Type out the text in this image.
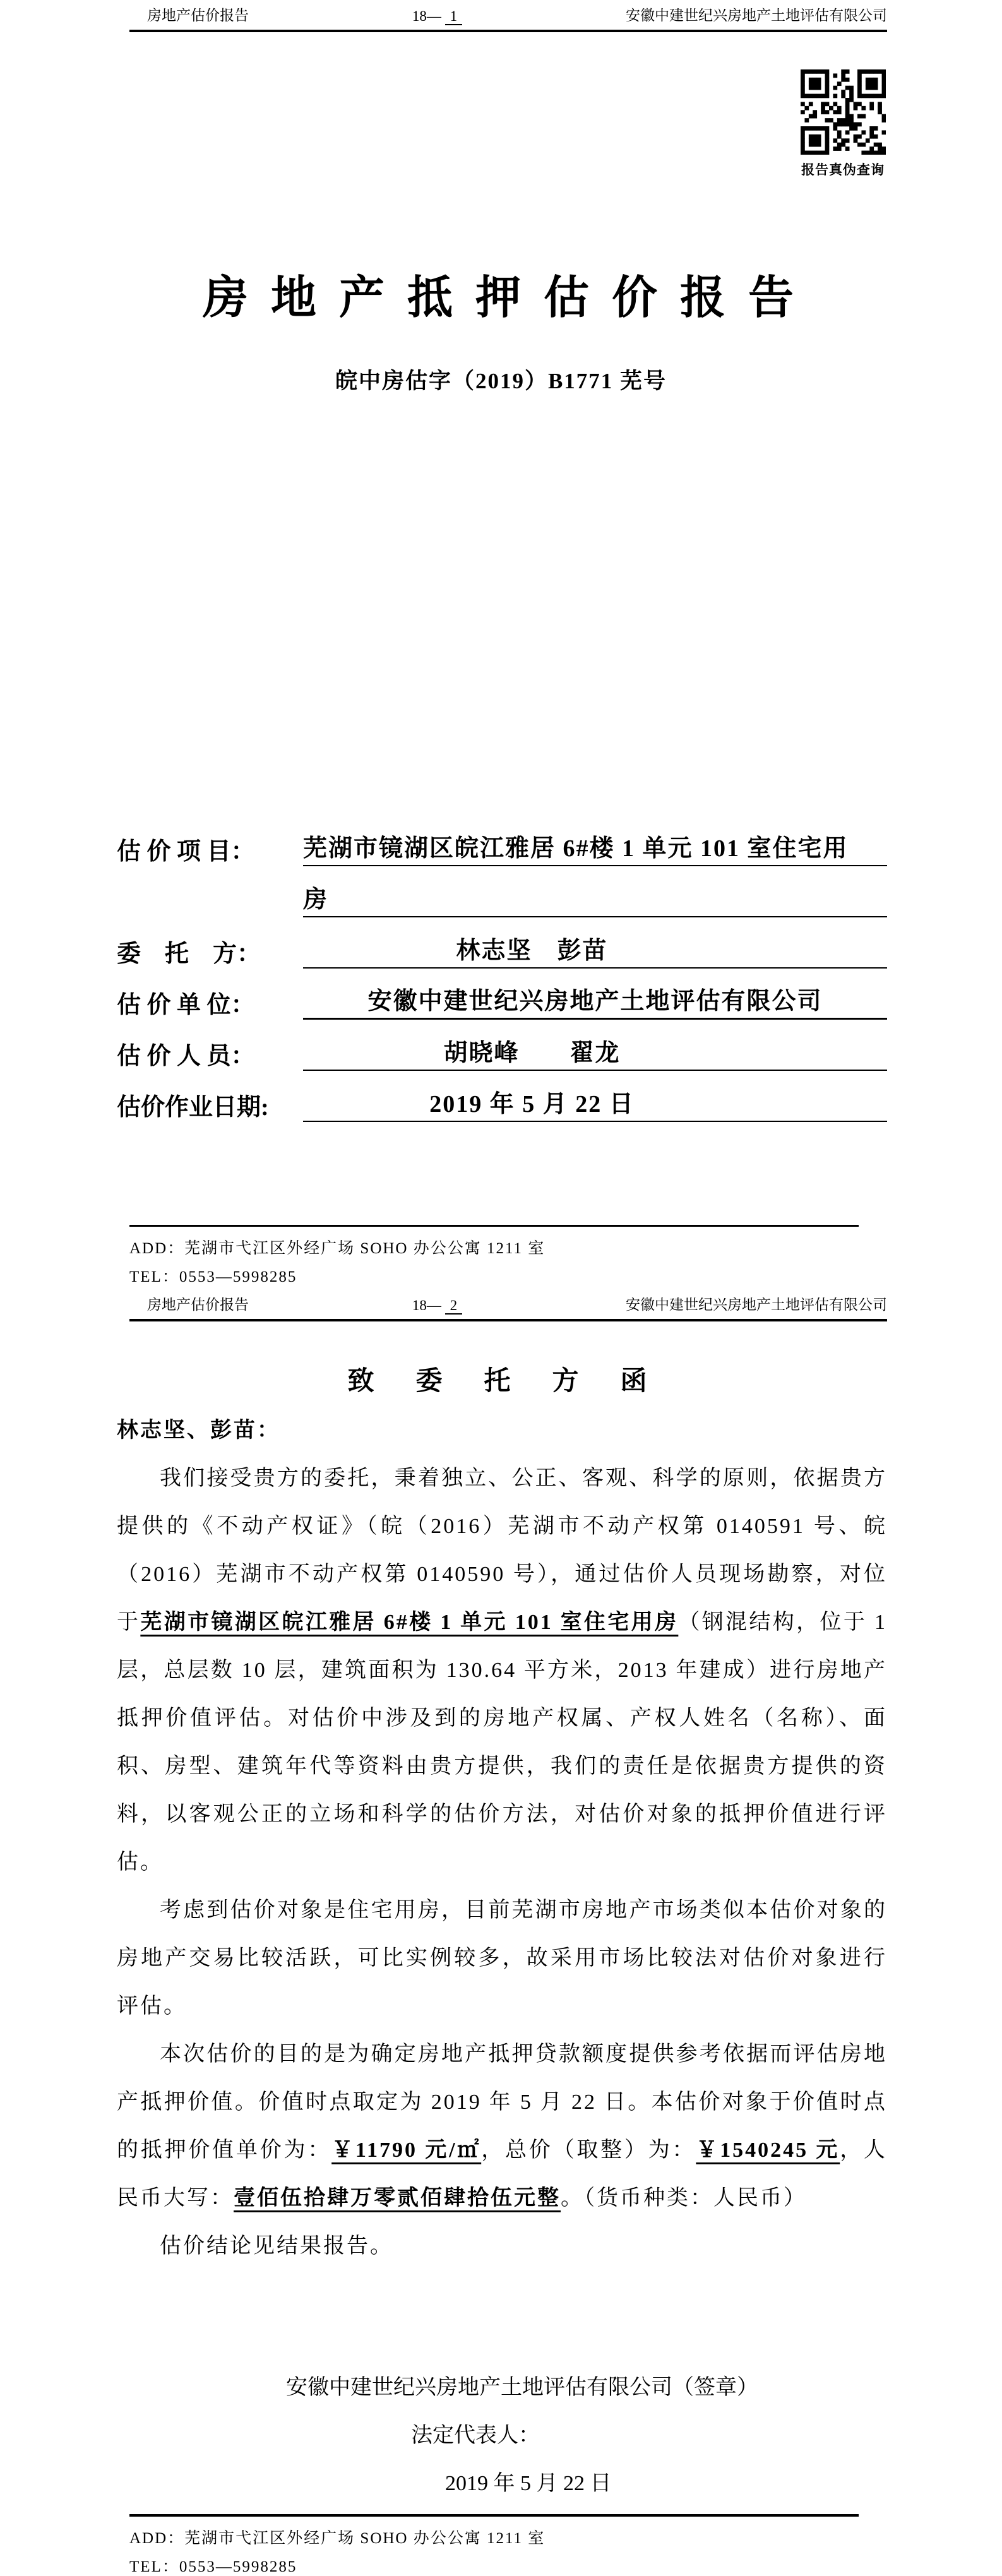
房地产估价报告	18— 1	安徽中建世纪兴房地产土地评估有限公司
报告真伪查询
房 地 产 抵 押 估 价 报 告
皖中房估字（2019）B1771 芜号
估 价 项 目：	芜湖市镜湖区皖江雅居 6#楼 1 单元 101 室住宅用
房
委　托　方：	林志坚　彭苗
估 价 单 位：	安徽中建世纪兴房地产土地评估有限公司
估 价 人 员：	胡晓峰　　翟龙
估价作业日期:	2019 年 5 月 22 日
ADD：芜湖市弋江区外经广场 SOHO 办公公寓 1211 室
TEL：0553—5998285
房地产估价报告	18— 2	安徽中建世纪兴房地产土地评估有限公司
致　委　托　方　函
林志坚、彭苗：

我们接受贵方的委托，秉着独立、公正、客观、科学的原则，依据贵方提供的《不动产权证》（皖（2016）芜湖市不动产权第 0140591 号、皖（2016）芜湖市不动产权第 0140590 号），通过估价人员现场勘察，对位于芜湖市镜湖区皖江雅居 6#楼 1 单元 101 室住宅用房（钢混结构，位于 1 层，总层数 10 层，建筑面积为 130.64 平方米，2013 年建成）进行房地产抵押价值评估。对估价中涉及到的房地产权属、产权人姓名（名称）、面积、房型、建筑年代等资料由贵方提供，我们的责任是依据贵方提供的资料，以客观公正的立场和科学的估价方法，对估价对象的抵押价值进行评估。

考虑到估价对象是住宅用房，目前芜湖市房地产市场类似本估价对象的房地产交易比较活跃，可比实例较多，故采用市场比较法对估价对象进行评估。

本次估价的目的是为确定房地产抵押贷款额度提供参考依据而评估房地产抵押价值。价值时点取定为 2019 年 5 月 22 日。本估价对象于价值时点的抵押价值单价为：￥11790 元/㎡，总价（取整）为：￥1540245 元，人民币大写：壹佰伍拾肆万零贰佰肆拾伍元整。（货币种类：人民币）

估价结论见结果报告。

安徽中建世纪兴房地产土地评估有限公司（签章）
法定代表人：
2019 年 5 月 22 日
ADD：芜湖市弋江区外经广场 SOHO 办公公寓 1211 室
TEL：0553—5998285
